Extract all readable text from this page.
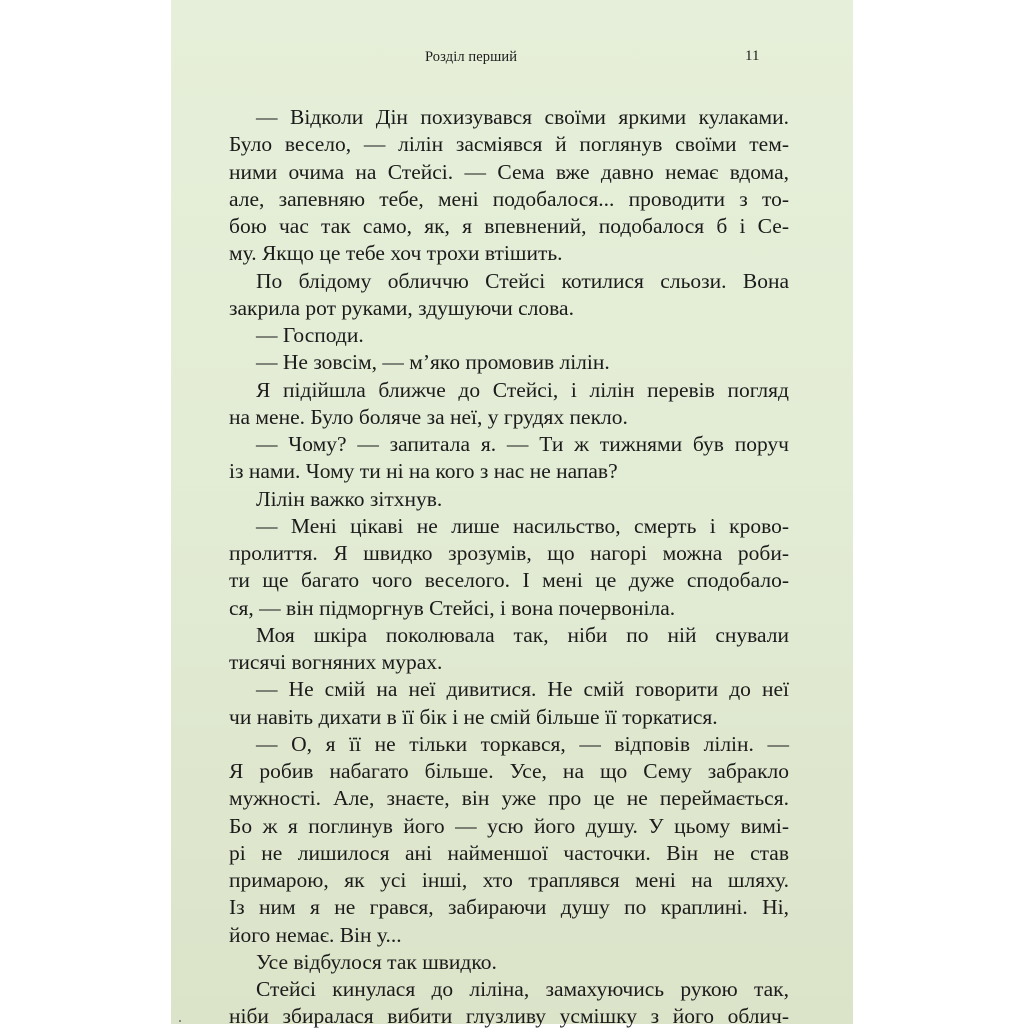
Розділ перший	11
— Відколи Дін похизувався своїми яркими кулаками.
Було весело, — лілін засміявся й поглянув своїми тем-
ними очима на Стейсі. — Сема вже давно немає вдома,
але, запевняю тебе, мені подобалося... проводити з то-
бою час так само, як, я впевнений, подобалося б і Се-
му. Якщо це тебе хоч трохи втішить.
По блідому обличчю Стейсі котилися сльози. Вона
закрила рот руками, здушуючи слова.
— Господи.
— Не зовсім, — м’яко промовив лілін.
Я підійшла ближче до Стейсі, і лілін перевів погляд
на мене. Було боляче за неї, у грудях пекло.
— Чому? — запитала я. — Ти ж тижнями був поруч
із нами. Чому ти ні на кого з нас не напав?
Лілін важко зітхнув.
— Мені цікаві не лише насильство, смерть і крово-
пролиття. Я швидко зрозумів, що нагорі можна роби-
ти ще багато чого веселого. І мені це дуже сподобало-
ся, — він підморгнув Стейсі, і вона почервоніла.
Моя шкіра поколювала так, ніби по ній снували
тисячі вогняних мурах.
— Не смій на неї дивитися. Не смій говорити до неї
чи навіть дихати в її бік і не смій більше її торкатися.
— О, я її не тільки торкався, — відповів лілін. —
Я робив набагато більше. Усе, на що Сему забракло
мужності. Але, знаєте, він уже про це не переймається.
Бо ж я поглинув його — усю його душу. У цьому вимі-
рі не лишилося ані найменшої часточки. Він не став
примарою, як усі інші, хто траплявся мені на шляху.
Із ним я не грався, забираючи душу по краплині. Ні,
його немає. Він у...
Усе відбулося так швидко.
Стейсі кинулася до ліліна, замахуючись рукою так,
ніби збиралася вибити глузливу усмішку з його облич-
